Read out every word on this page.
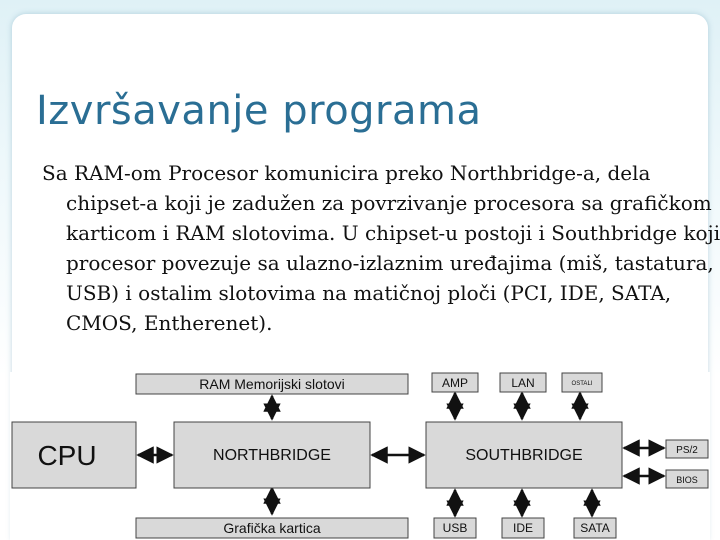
Izvršavanje programa
Sa RAM-om Procesor komunicira preko Northbridge-a, dela chipset-a koji je zadužen za povrzivanje procesora sa grafičkom karticom i RAM slotovima. U chipset-u postoji i Southbridge koji procesor povezuje sa ulazno-izlaznim uređajima (miš, tastatura, USB) i ostalim slotovima na matičnoj ploči (PCI, IDE, SATA, CMOS, Entherenet).
RAM Memorijski slotovi
CPU	NORTHBRIDGE	SOUTHBRIDGE
Grafička kartica
AMP	LAN	OSTALI
PS/2
BIOS
USB	IDE	SATA
